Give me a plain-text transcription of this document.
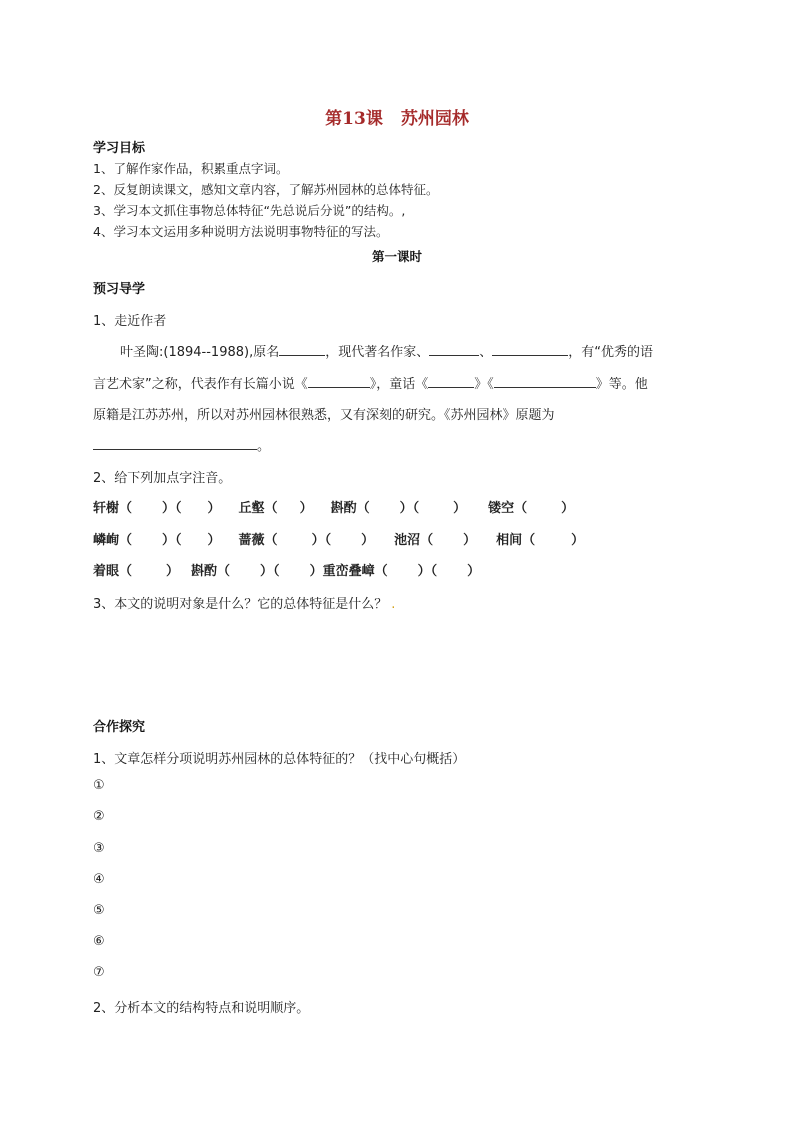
第13课 苏州园林
学习目标
1、了解作家作品，积累重点字词。
2、反复朗读课文，感知文章内容，了解苏州园林的总体特征。
3、学习本文抓住事物总体特征“先总说后分说”的结构。,
4、学习本文运用多种说明方法说明事物特征的写法。
第一课时
预习导学
1、走近作者
叶圣陶:(1894--1988),原名	，现代著名作家、	、	，有“优秀的语
言艺术家”之称，代表作有长篇小说《	》，童话《	》《	》等。他
原籍是江苏苏州，所以对苏州园林很熟悉，又有深刻的研究。《苏州园林》原题为
。
2、给下列加点字注音。
轩榭（ ）（ ） 丘壑（ ） 斟酌（ ）（	） 镂空（	）
嶙峋（ ）（ ） 蔷薇（	）（ ） 池沼（ ） 相间（	）
着眼（	） 斟酌（ ）（ ）重峦叠嶂（ ）（ ）
3、本文的说明对象是什么？它的总体特征是什么？ .
合作探究
1、文章怎样分项说明苏州园林的总体特征的？（找中心句概括）
①
②
③
④
⑤
⑥
⑦
2、分析本文的结构特点和说明顺序。
